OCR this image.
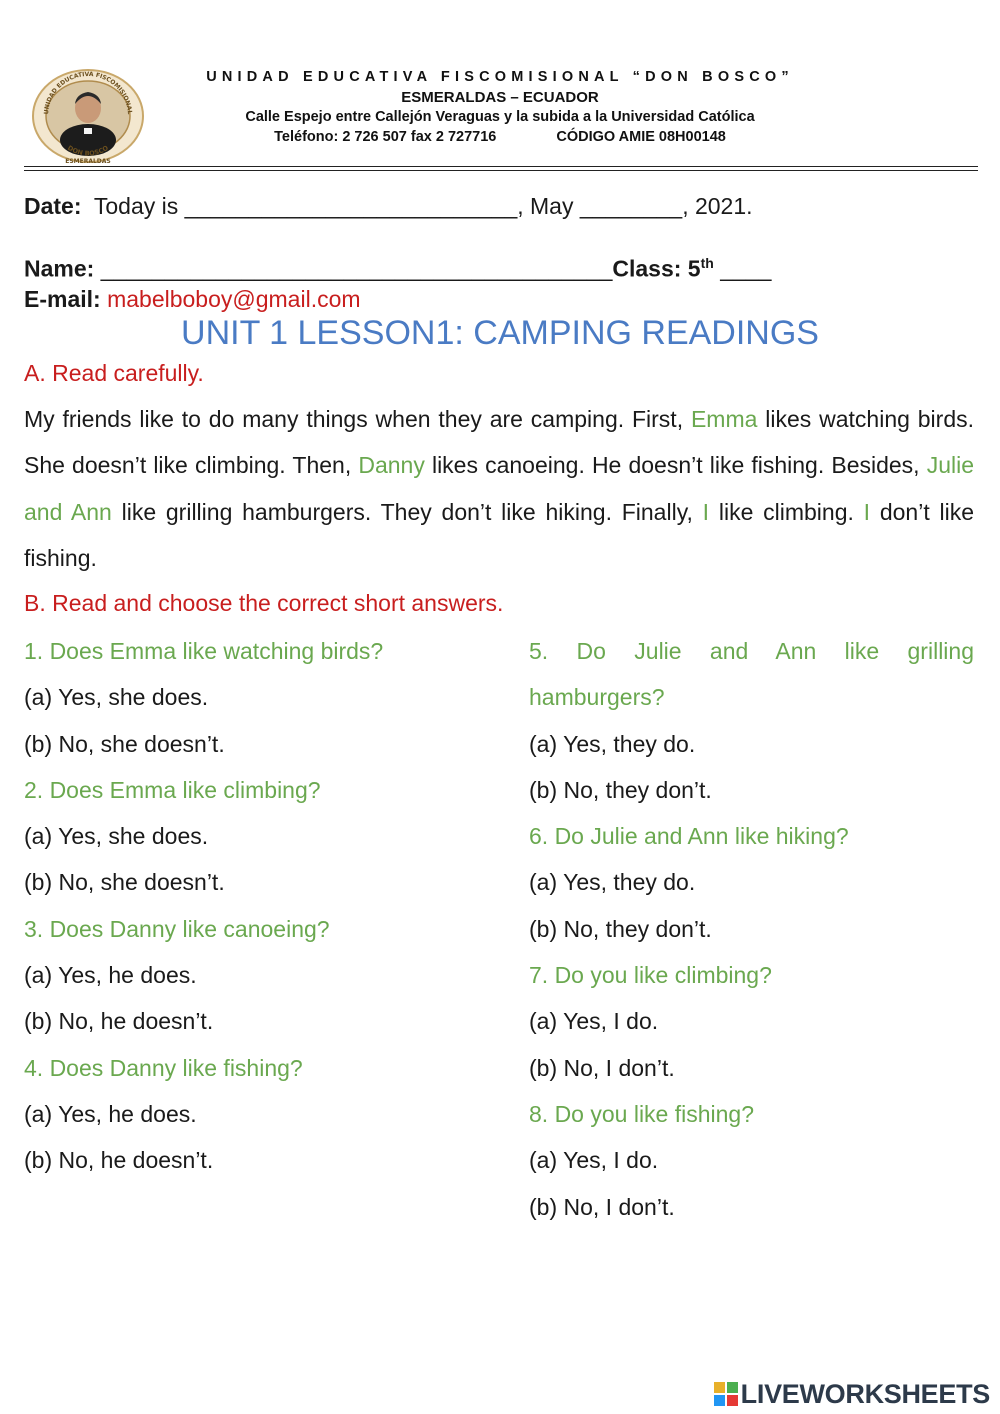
UNIDAD EDUCATIVA FISCOMISIONAL
DON BOSCO
ESMERALDAS
UNIDAD EDUCATIVA FISCOMISIONAL “DON BOSCO”
ESMERALDAS – ECUADOR
Calle Espejo entre Callejón Veraguas y la subida a la Universidad Católica
Teléfono: 2 726 507 fax 2 727716	CÓDIGO AMIE 08H00148
Date: Today is __________________________, May ________, 2021.
Name: ________________________________________Class: 5th ____
E-mail: mabelboboy@gmail.com
UNIT 1 LESSON1: CAMPING READINGS
A. Read carefully.

My friends like to do many things when they are camping. First, Emma likes watching birds. She doesn’t like climbing. Then, Danny likes canoeing. He doesn’t like fishing. Besides, Julie and Ann like grilling hamburgers. They don’t like hiking. Finally, I like climbing. I don’t like fishing.

B. Read and choose the correct short answers.
1. Does Emma like watching birds?
(a) Yes, she does.
(b) No, she doesn’t.
2. Does Emma like climbing?
(a) Yes, she does.
(b) No, she doesn’t.
3. Does Danny like canoeing?
(a) Yes, he does.
(b) No, he doesn’t.
4. Does Danny like fishing?
(a) Yes, he does.
(b) No, he doesn’t.
5. Do Julie and Ann like grilling
hamburgers?
(a) Yes, they do.
(b) No, they don’t.
6. Do Julie and Ann like hiking?
(a) Yes, they do.
(b) No, they don’t.
7. Do you like climbing?
(a) Yes, I do.
(b) No, I don’t.
8. Do you like fishing?
(a) Yes, I do.
(b) No, I don’t.
LIVEWORKSHEETS
